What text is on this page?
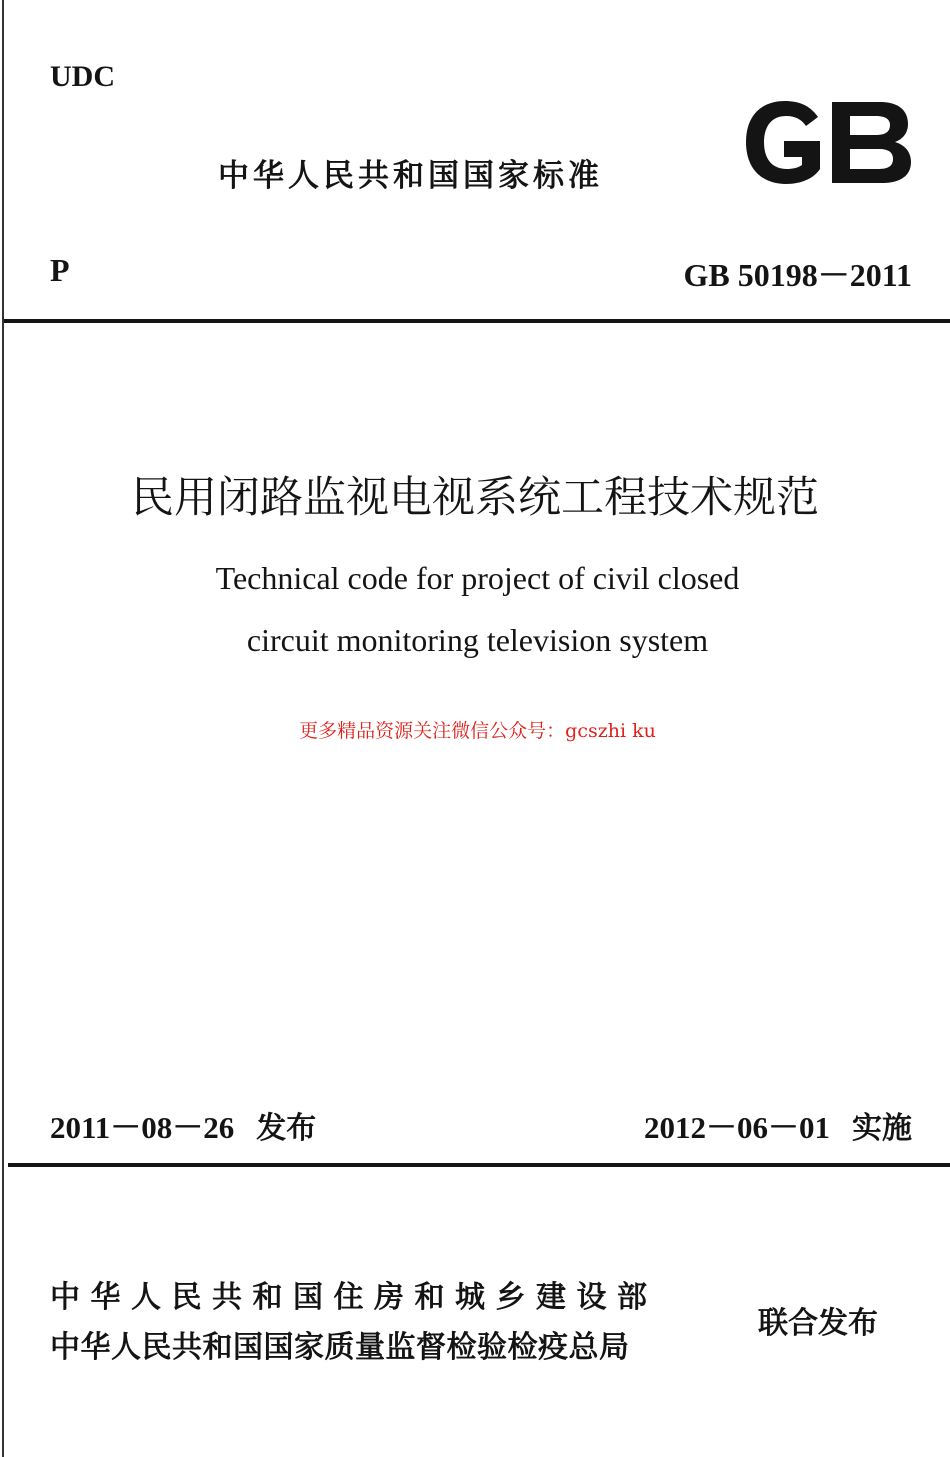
UDC
中华人民共和国国家标准
P	GB 50198－2011
民用闭路监视电视系统工程技术规范
Technical code for project of civil closed
circuit monitoring television system
更多精品资源关注微信公众号：gcszhi ku
2011－08－26 发布	2012－06－01 实施
中华人民共和国住房和城乡建设部
中华人民共和国国家质量监督检验检疫总局
联合发布
